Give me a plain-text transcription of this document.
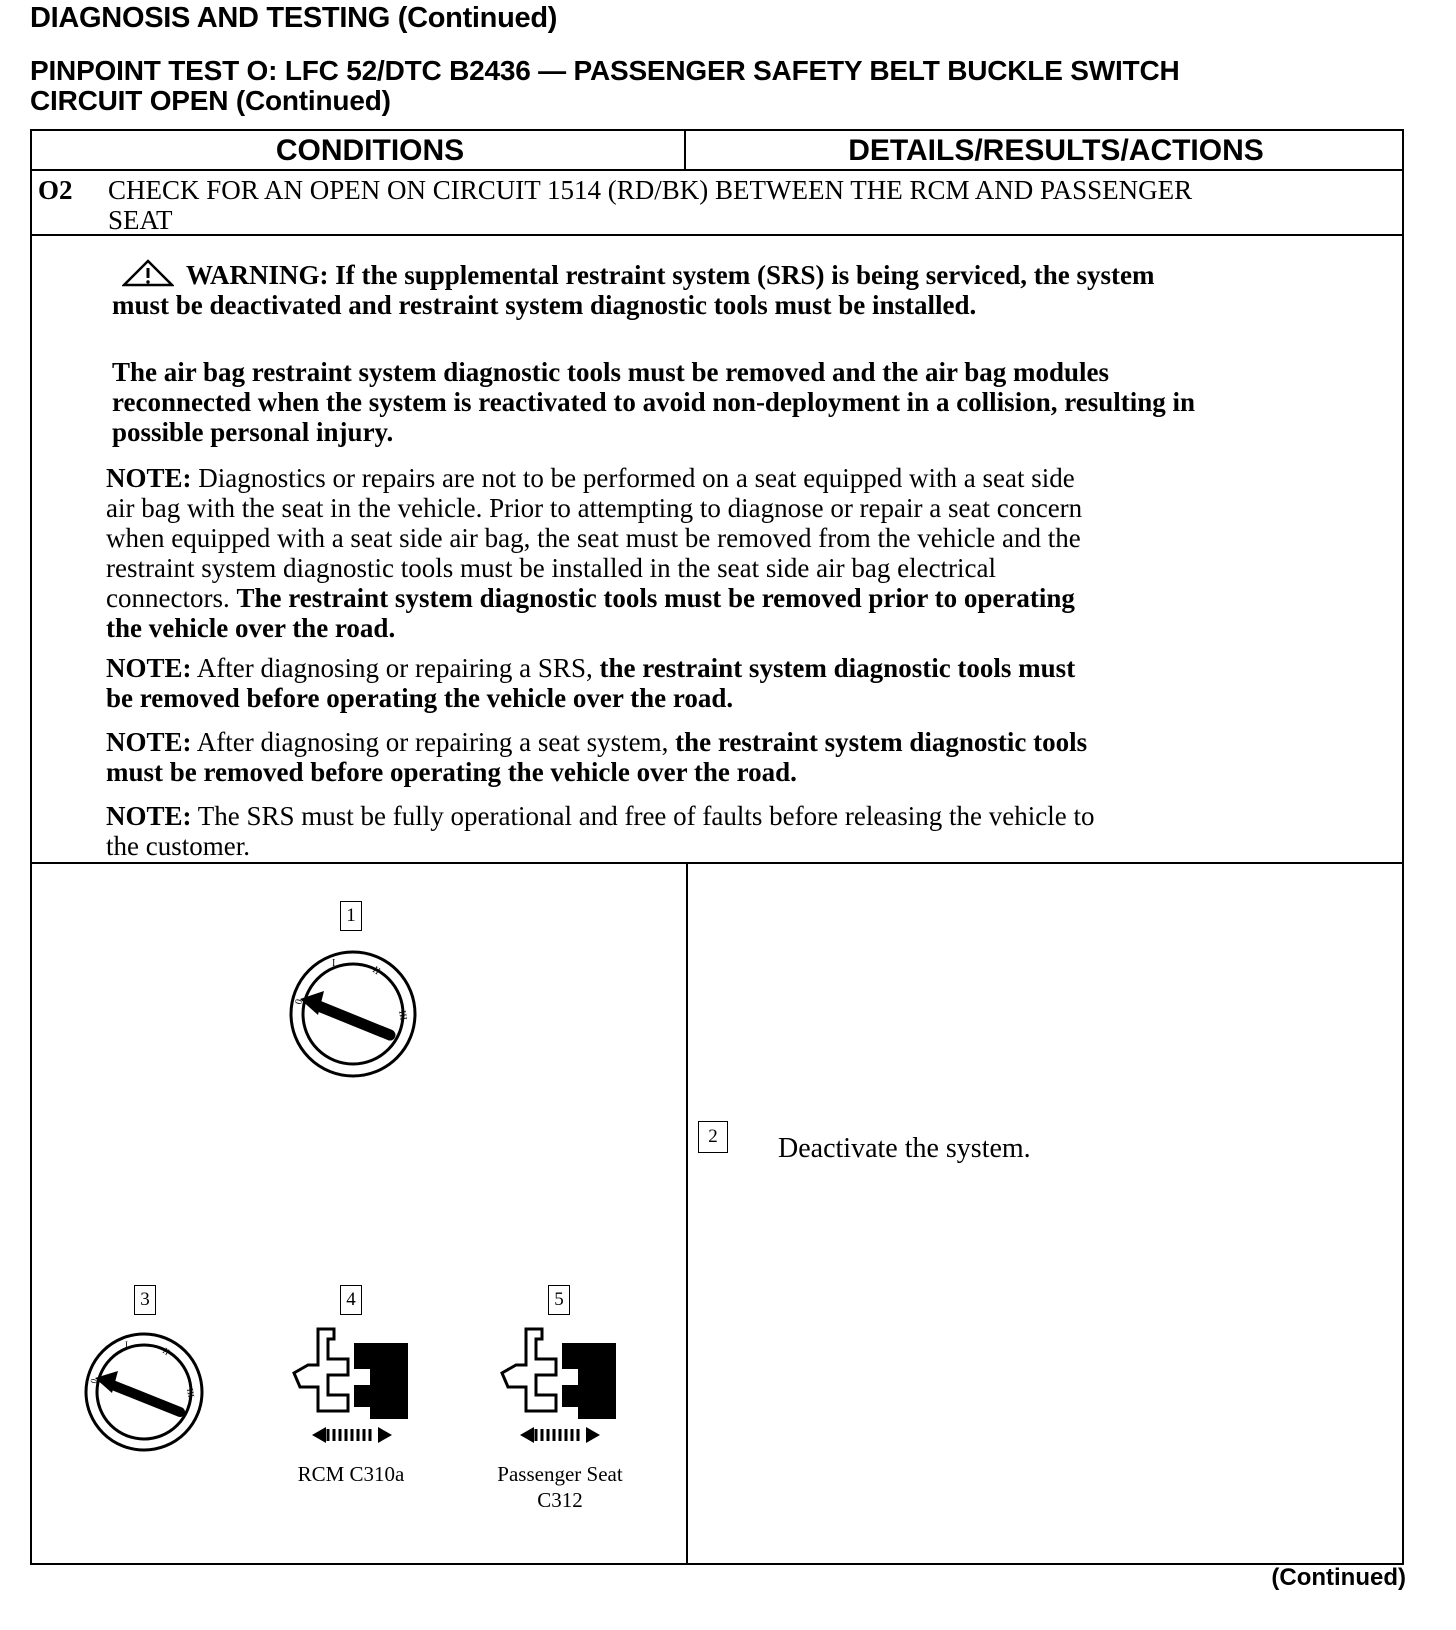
DIAGNOSIS AND TESTING (Continued)
PINPOINT TEST O: LFC 52/DTC B2436 — PASSENGER SAFETY BELT BUCKLE SWITCH
CIRCUIT OPEN (Continued)
CONDITIONS	DETAILS/RESULTS/ACTIONS
O2 CHECK FOR AN OPEN ON CIRCUIT 1514 (RD/BK) BETWEEN THE RCM AND PASSENGER
SEAT
WARNING: If the supplemental restraint system (SRS) is being serviced, the system
must be deactivated and restraint system diagnostic tools must be installed.
The air bag restraint system diagnostic tools must be removed and the air bag modules
reconnected when the system is reactivated to avoid non-deployment in a collision, resulting in
possible personal injury.
NOTE: Diagnostics or repairs are not to be performed on a seat equipped with a seat side
air bag with the seat in the vehicle. Prior to attempting to diagnose or repair a seat concern
when equipped with a seat side air bag, the seat must be removed from the vehicle and the
restraint system diagnostic tools must be installed in the seat side air bag electrical
connectors. The restraint system diagnostic tools must be removed prior to operating
the vehicle over the road.
NOTE: After diagnosing or repairing a SRS, the restraint system diagnostic tools must
be removed before operating the vehicle over the road.
NOTE: After diagnosing or repairing a seat system, the restraint system diagnostic tools
must be removed before operating the vehicle over the road.
NOTE: The SRS must be fully operational and free of faults before releasing the vehicle to
the customer.
1
0
I
II
III
3
0
I
II
III
4
RCM C310a
5
Passenger Seat
C312
2	Deactivate the system.
(Continued)
